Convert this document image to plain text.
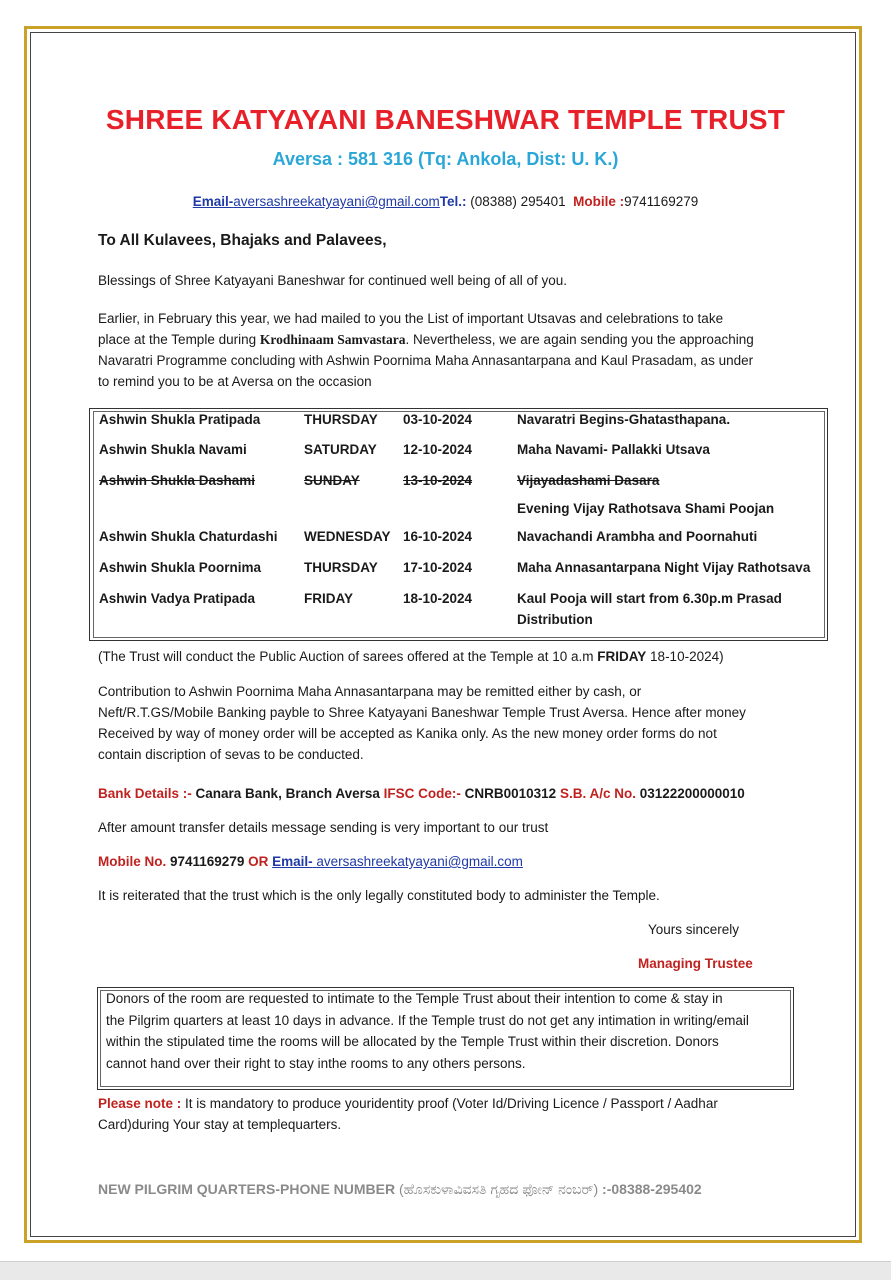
SHREE KATYAYANI BANESHWAR TEMPLE TRUST
Aversa : 581 316 (Tq: Ankola, Dist: U. K.)
Email-aversashreekatyayani@gmail.comTel.: (08388) 295401 Mobile :9741169279
To All Kulavees, Bhajaks and Palavees,
Blessings of Shree Katyayani Baneshwar for continued well being of all of you.
Earlier, in February this year, we had mailed to you the List of important Utsavas and celebrations to take
place at the Temple during Krodhinaam Samvastara. Nevertheless, we are again sending you the approaching
Navaratri Programme concluding with Ashwin Poornima Maha Annasantarpana and Kaul Prasadam, as under
to remind you to be at Aversa on the occasion
Ashwin Shukla Pratipada	THURSDAY 03-10-2024	Navaratri Begins-Ghatasthapana.
Ashwin Shukla Navami	SATURDAY 12-10-2024	Maha Navami- Pallakki Utsava
Ashwin Shukla Dashami	SUNDAY	13-10-2024	Vijayadashami Dasara
Evening Vijay Rathotsava Shami Poojan
Ashwin Shukla Chaturdashi WEDNESDAY 16-10-2024	Navachandi Arambha and Poornahuti
Ashwin Shukla Poornima	THURSDAY 17-10-2024	Maha Annasantarpana Night Vijay Rathotsava
Ashwin Vadya Pratipada	FRIDAY	18-10-2024	Kaul Pooja will start from 6.30p.m Prasad
Distribution
(The Trust will conduct the Public Auction of sarees offered at the Temple at 10 a.m FRIDAY 18-10-2024)
Contribution to Ashwin Poornima Maha Annasantarpana may be remitted either by cash, or
Neft/R.T.GS/Mobile Banking payble to Shree Katyayani Baneshwar Temple Trust Aversa. Hence after money
Received by way of money order will be accepted as Kanika only. As the new money order forms do not
contain discription of sevas to be conducted.
Bank Details :- Canara Bank, Branch Aversa IFSC Code:- CNRB0010312 S.B. A/c No. 03122200000010
After amount transfer details message sending is very important to our trust
Mobile No. 9741169279 OR Email- aversashreekatyayani@gmail.com
It is reiterated that the trust which is the only legally constituted body to administer the Temple.
Yours sincerely
Managing Trustee
Donors of the room are requested to intimate to the Temple Trust about their intention to come & stay in
the Pilgrim quarters at least 10 days in advance. If the Temple trust do not get any intimation in writing/email
within the stipulated time the rooms will be allocated by the Temple Trust within their discretion. Donors
cannot hand over their right to stay inthe rooms to any others persons.
Please note : It is mandatory to produce youridentity proof (Voter Id/Driving Licence / Passport / Aadhar
Card)during Your stay at templequarters.
NEW PILGRIM QUARTERS-PHONE NUMBER (ಹೊಸಕುಳಾವಿವಸತಿ ಗೃಹದ ಫೋನ್ ನಂಬರ್) :-08388-295402
